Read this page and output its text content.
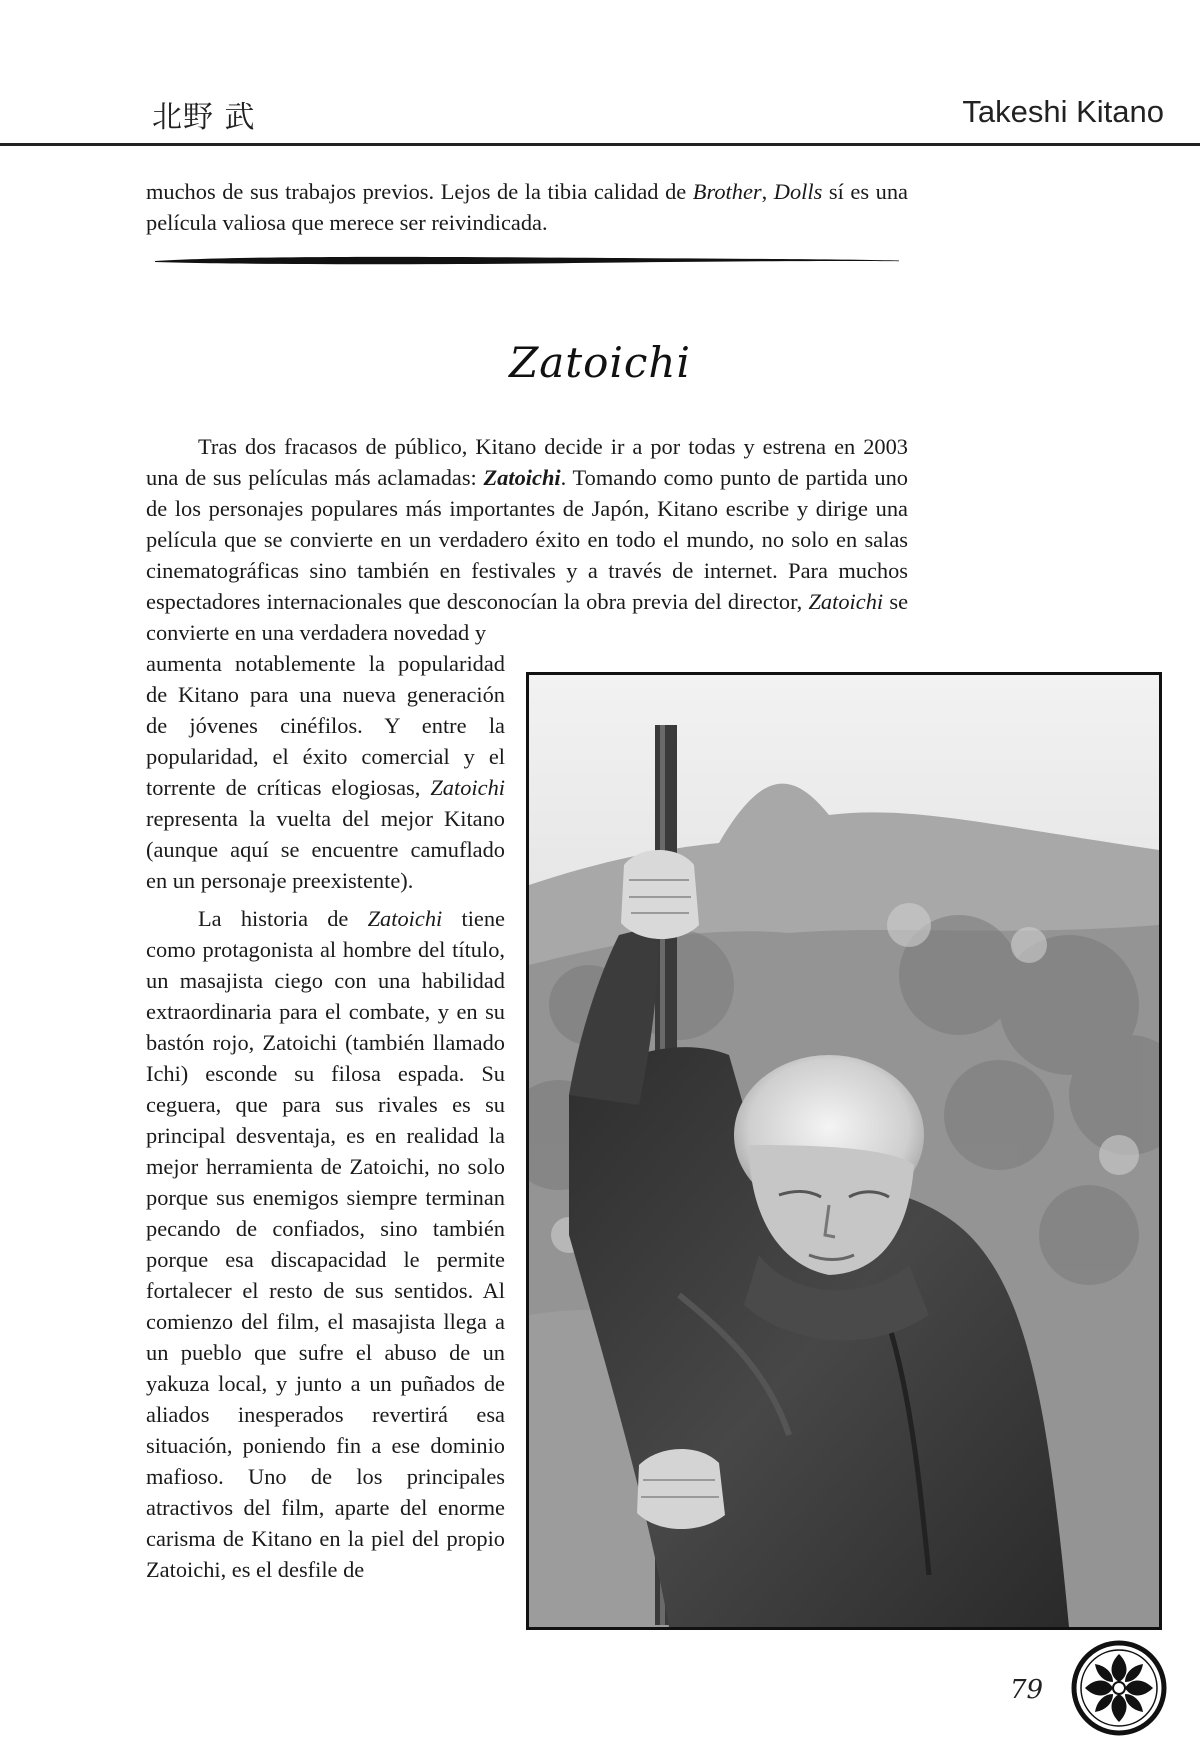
北野 武	Takeshi Kitano

muchos de sus trabajos previos. Lejos de la tibia calidad de Brother, Dolls sí es una película valiosa que merece ser reivindicada.

Zatoichi

Tras dos fracasos de público, Kitano decide ir a por todas y estrena en 2003 una de sus películas más aclamadas: Zatoichi. Tomando como punto de partida uno de los personajes populares más importantes de Japón, Kitano escribe y dirige una película que se convierte en un verdadero éxito en todo el mundo, no solo en salas cinematográficas sino también en festivales y a través de internet. Para muchos espectadores internacionales que desconocían la obra previa del director, Zatoichi se convierte en una verdadera novedad y

aumenta notablemente la popularidad de Kitano para una nueva generación de jóvenes cinéfilos. Y entre la popularidad, el éxito comercial y el torrente de críticas elogiosas, Zatoichi representa la vuelta del mejor Kitano (aunque aquí se encuentre camuflado en un personaje preexistente).

La historia de Zatoichi tiene como protagonista al hombre del título, un masajista ciego con una habilidad extraordinaria para el combate, y en su bastón rojo, Zatoichi (también llamado Ichi) esconde su filosa espada. Su ceguera, que para sus rivales es su principal desventaja, es en realidad la mejor herramienta de Zatoichi, no solo porque sus enemigos siempre terminan pecando de confiados, sino también porque esa discapacidad le permite fortalecer el resto de sus sentidos. Al comienzo del film, el masajista llega a un pueblo que sufre el abuso de un yakuza local, y junto a un puñados de aliados inesperados revertirá esa situación, poniendo fin a ese dominio mafioso. Uno de los principales atractivos del film, aparte del enorme carisma de Kitano en la piel del propio Zatoichi, es el desfile de

79
